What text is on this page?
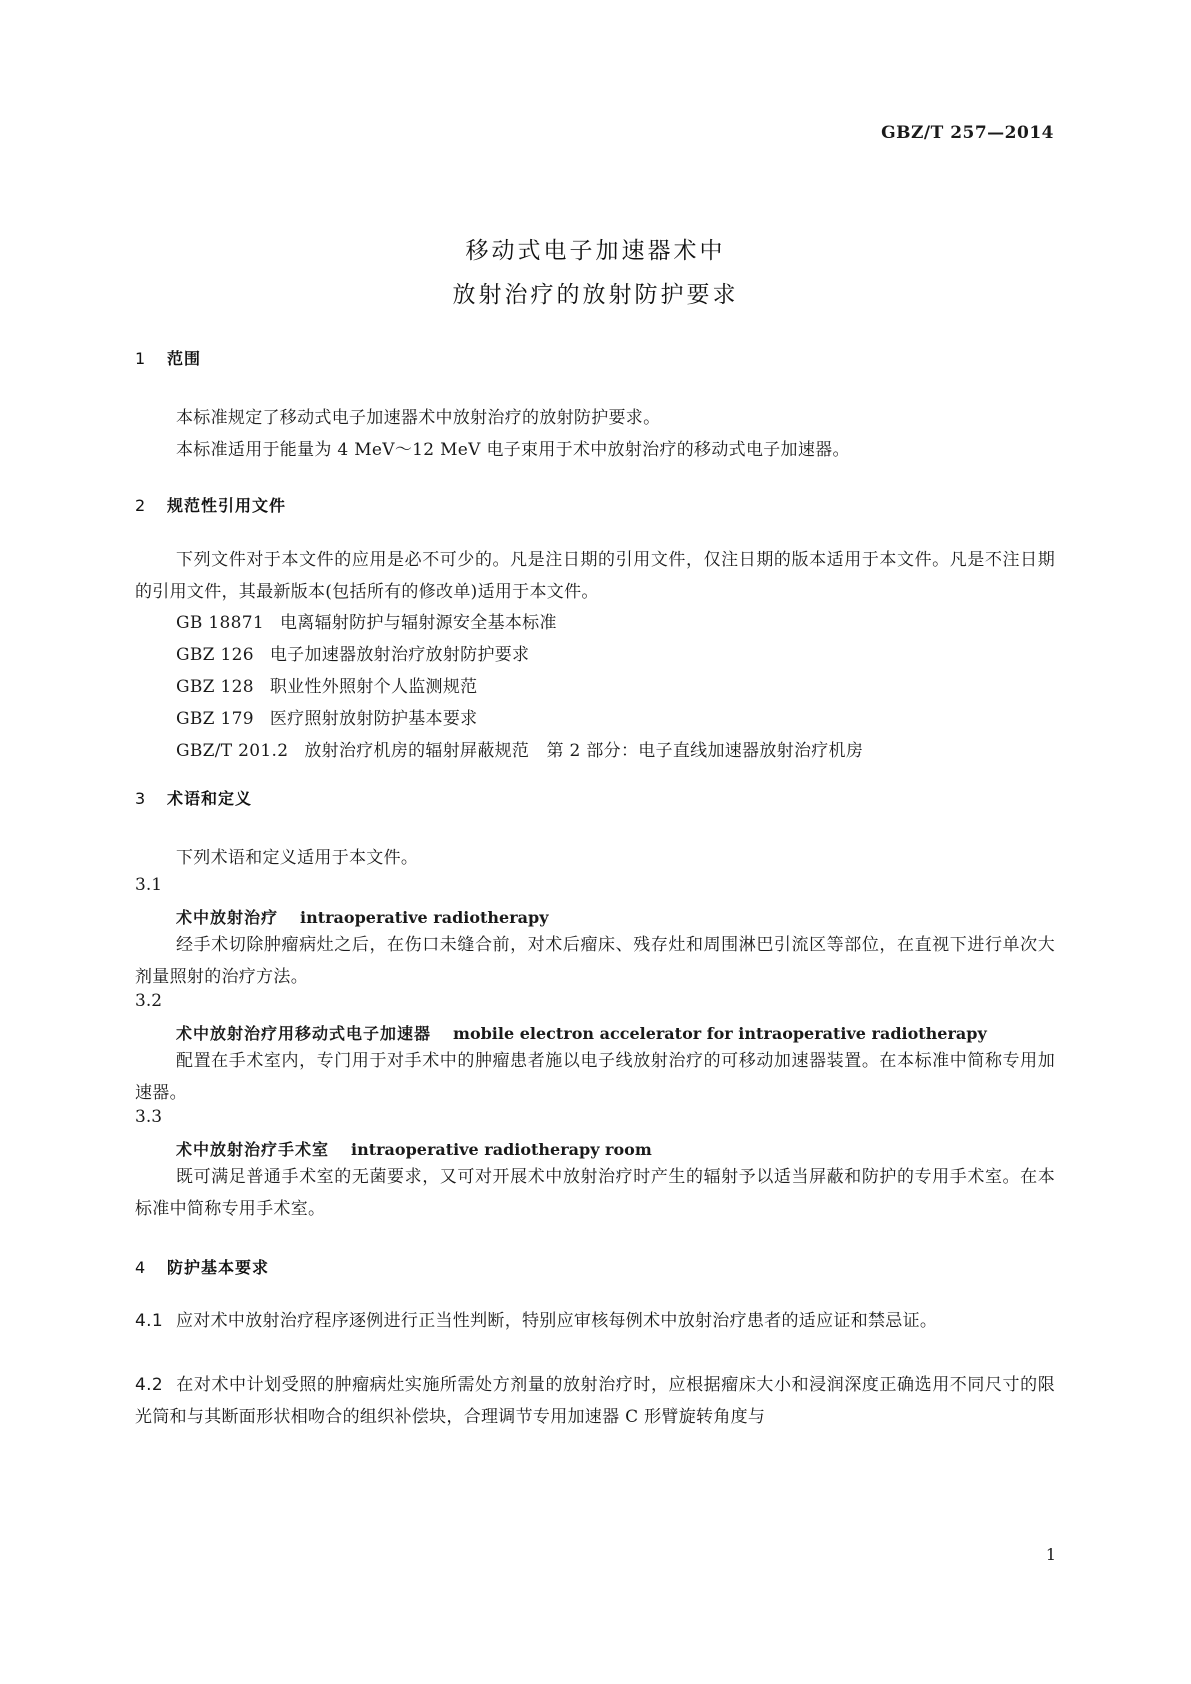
GBZ/T 257—2014
移动式电子加速器术中
放射治疗的放射防护要求
1 范围
本标准规定了移动式电子加速器术中放射治疗的放射防护要求。
本标准适用于能量为 4 MeV～12 MeV 电子束用于术中放射治疗的移动式电子加速器。
2 规范性引用文件
下列文件对于本文件的应用是必不可少的。凡是注日期的引用文件，仅注日期的版本适用于本文件。凡是不注日期的引用文件，其最新版本(包括所有的修改单)适用于本文件。
GB 18871 电离辐射防护与辐射源安全基本标准
GBZ 126 电子加速器放射治疗放射防护要求
GBZ 128 职业性外照射个人监测规范
GBZ 179 医疗照射放射防护基本要求
GBZ/T 201.2 放射治疗机房的辐射屏蔽规范　第 2 部分：电子直线加速器放射治疗机房
3 术语和定义
下列术语和定义适用于本文件。
3.1
术中放射治疗 intraoperative radiotherapy
经手术切除肿瘤病灶之后，在伤口未缝合前，对术后瘤床、残存灶和周围淋巴引流区等部位，在直视下进行单次大剂量照射的治疗方法。
3.2
术中放射治疗用移动式电子加速器 mobile electron accelerator for intraoperative radiotherapy
配置在手术室内，专门用于对手术中的肿瘤患者施以电子线放射治疗的可移动加速器装置。在本标准中简称专用加速器。
3.3
术中放射治疗手术室 intraoperative radiotherapy room
既可满足普通手术室的无菌要求，又可对开展术中放射治疗时产生的辐射予以适当屏蔽和防护的专用手术室。在本标准中简称专用手术室。
4 防护基本要求
4.1 应对术中放射治疗程序逐例进行正当性判断，特别应审核每例术中放射治疗患者的适应证和禁忌证。
4.2 在对术中计划受照的肿瘤病灶实施所需处方剂量的放射治疗时，应根据瘤床大小和浸润深度正确选用不同尺寸的限光筒和与其断面形状相吻合的组织补偿块，合理调节专用加速器 C 形臂旋转角度与
1
